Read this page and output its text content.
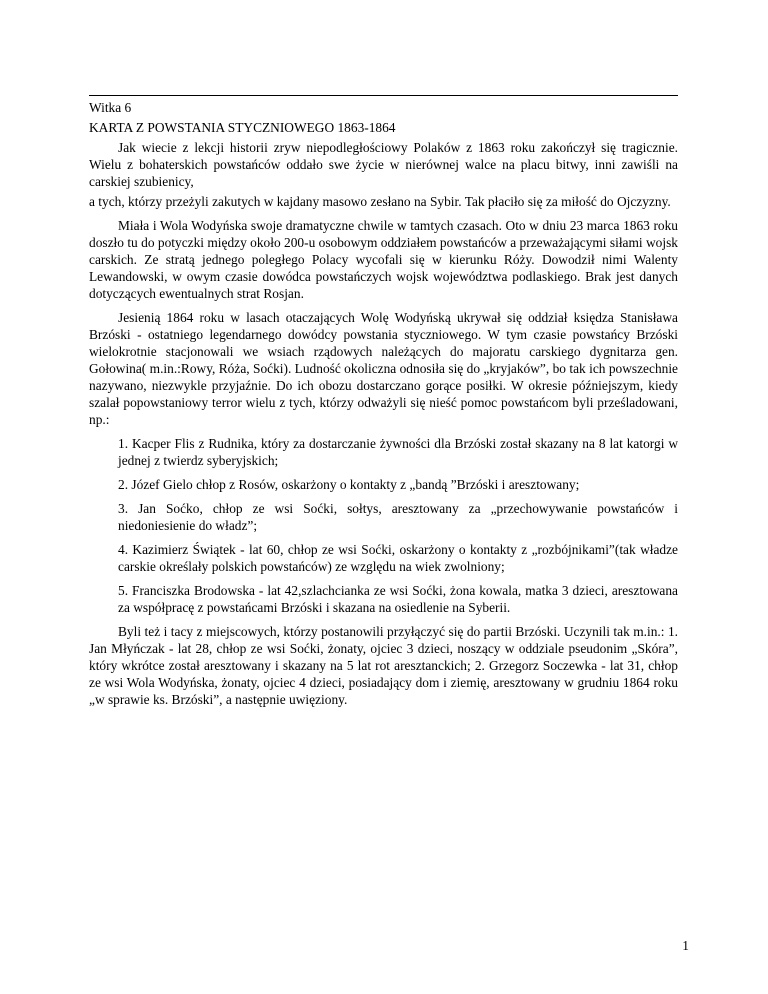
Witka 6

KARTA Z POWSTANIA STYCZNIOWEGO 1863-1864

Jak wiecie z lekcji historii zryw niepodległościowy Polaków z 1863 roku zakończył się tragicznie. Wielu z bohaterskich powstańców oddało swe życie w nierównej walce na placu bitwy, inni zawiśli na carskiej szubienicy,

a tych, którzy przeżyli zakutych w kajdany masowo zesłano na Sybir. Tak płaciło się za miłość do Ojczyzny.

Miała i Wola Wodyńska swoje dramatyczne chwile w tamtych czasach. Oto w dniu 23 marca 1863 roku doszło tu do potyczki między około 200-u osobowym oddziałem powstańców a przeważającymi siłami wojsk carskich. Ze stratą jednego poległego Polacy wycofali się w kierunku Róży. Dowodził nimi Walenty Lewandowski, w owym czasie dowódca powstańczych wojsk województwa podlaskiego. Brak jest danych dotyczących ewentualnych strat Rosjan.

Jesienią 1864 roku w lasach otaczających Wolę Wodyńską ukrywał się oddział księdza Stanisława Brzóski - ostatniego legendarnego dowódcy powstania styczniowego. W tym czasie powstańcy Brzóski wielokrotnie stacjonowali we wsiach rządowych należących do majoratu carskiego dygnitarza gen. Gołowina( m.in.:Rowy, Róża, Soćki). Ludność okoliczna odnosiła się do „kryjaków”, bo tak ich powszechnie nazywano, niezwykle przyjaźnie. Do ich obozu dostarczano gorące posiłki. W okresie późniejszym, kiedy szalał popowstaniowy terror wielu z tych, którzy odważyli się nieść pomoc powstańcom byli prześladowani, np.:

1. Kacper Flis z Rudnika, który za dostarczanie żywności dla Brzóski został skazany na 8 lat katorgi w jednej z twierdz syberyjskich;

2. Józef Gielo chłop z Rosów, oskarżony o kontakty z „bandą ”Brzóski i aresztowany;

3. Jan Soćko, chłop ze wsi Soćki, sołtys, aresztowany za „przechowywanie powstańców i niedoniesienie do władz”;

4. Kazimierz Świątek - lat 60, chłop ze wsi Soćki, oskarżony o kontakty z „rozbójnikami”(tak władze carskie określały polskich powstańców) ze względu na wiek zwolniony;

5. Franciszka Brodowska - lat 42,szlachcianka ze wsi Soćki, żona kowala, matka 3 dzieci, aresztowana za współpracę z powstańcami Brzóski i skazana na osiedlenie na Syberii.

Byli też i tacy z miejscowych, którzy postanowili przyłączyć się do partii Brzóski. Uczynili tak m.in.: 1. Jan Młyńczak - lat 28, chłop ze wsi Soćki, żonaty, ojciec 3 dzieci, noszący w oddziale pseudonim „Skóra”, który wkrótce został aresztowany i skazany na 5 lat rot aresztanckich; 2. Grzegorz Soczewka - lat 31, chłop ze wsi Wola Wodyńska, żonaty, ojciec 4 dzieci, posiadający dom i ziemię, aresztowany w grudniu 1864 roku „w sprawie ks. Brzóski”, a następnie uwięziony.

1
